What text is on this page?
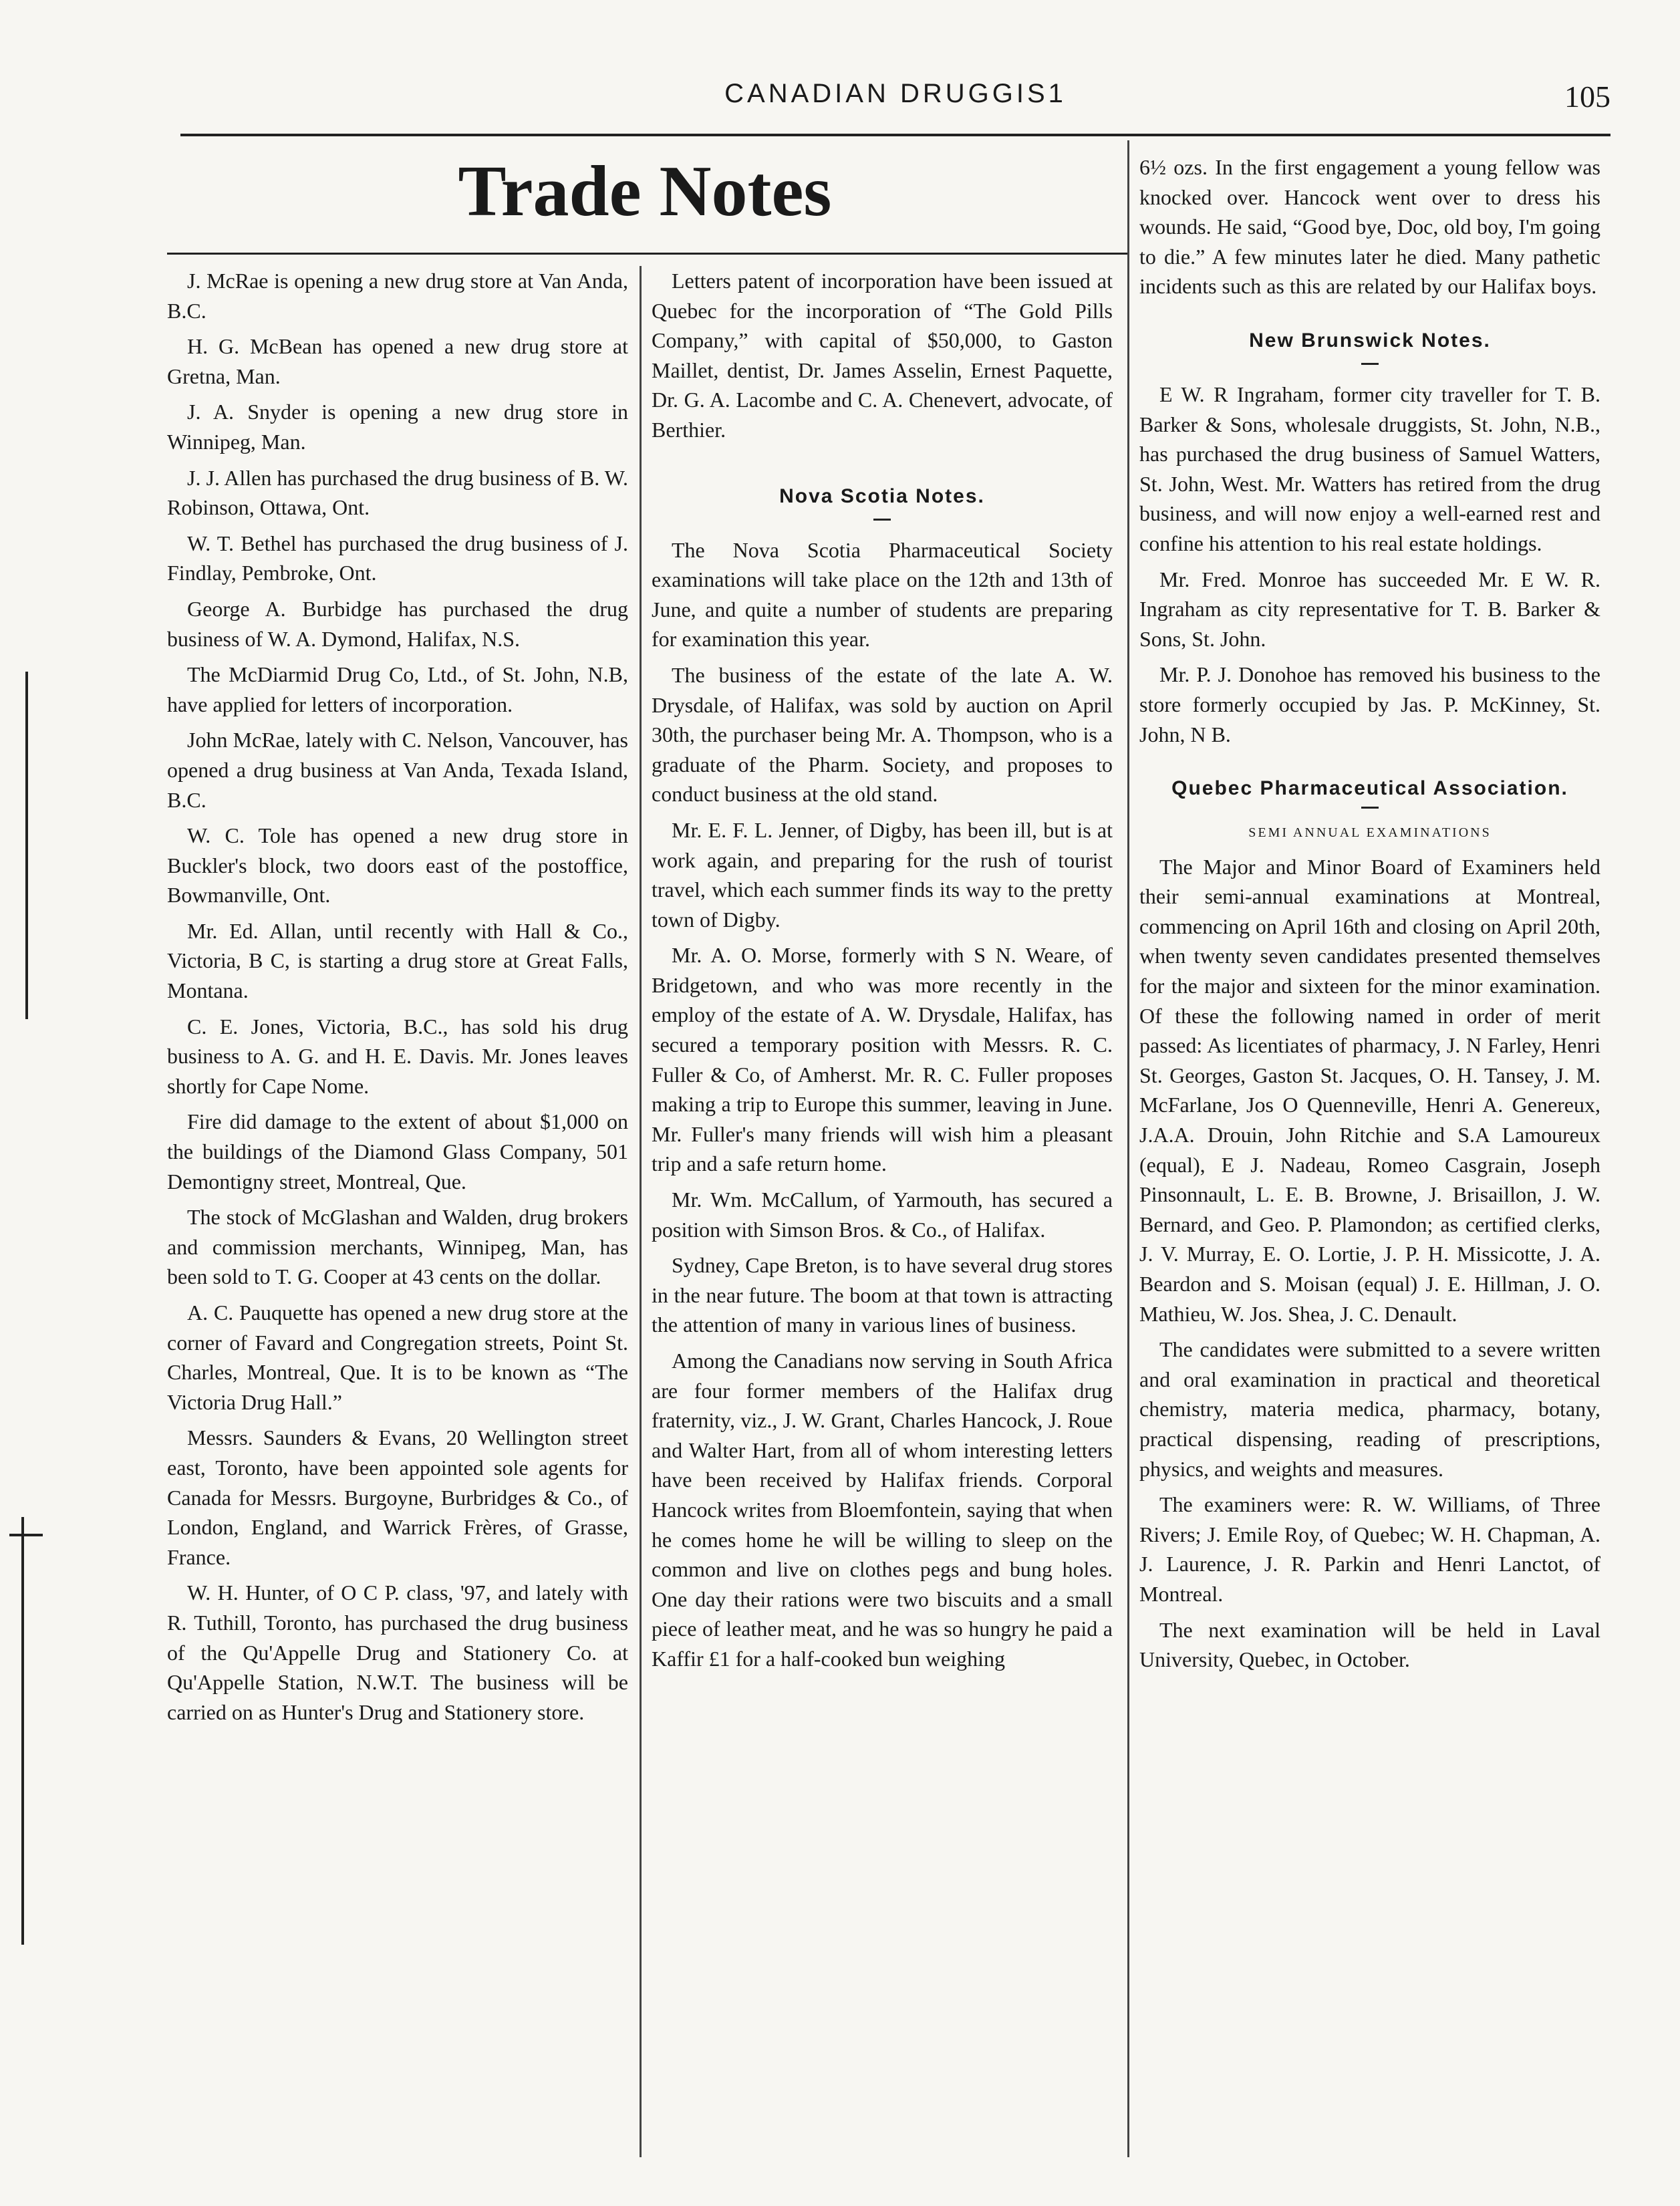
CANADIAN DRUGGIS1	105
Trade Notes

J. McRae is opening a new drug store at Van Anda, B.C.

H. G. McBean has opened a new drug store at Gretna, Man.

J. A. Snyder is opening a new drug store in Winnipeg, Man.

J. J. Allen has purchased the drug business of B. W. Robinson, Ottawa, Ont.

W. T. Bethel has purchased the drug business of J. Findlay, Pembroke, Ont.

George A. Burbidge has purchased the drug business of W. A. Dymond, Halifax, N.S.

The McDiarmid Drug Co, Ltd., of St. John, N.B, have applied for letters of incorporation.

John McRae, lately with C. Nelson, Vancouver, has opened a drug business at Van Anda, Texada Island, B.C.

W. C. Tole has opened a new drug store in Buckler's block, two doors east of the postoffice, Bowmanville, Ont.

Mr. Ed. Allan, until recently with Hall & Co., Victoria, B C, is starting a drug store at Great Falls, Montana.

C. E. Jones, Victoria, B.C., has sold his drug business to A. G. and H. E. Davis. Mr. Jones leaves shortly for Cape Nome.

Fire did damage to the extent of about $1,000 on the buildings of the Diamond Glass Company, 501 Demontigny street, Montreal, Que.

The stock of McGlashan and Walden, drug brokers and commission merchants, Winnipeg, Man, has been sold to T. G. Cooper at 43 cents on the dollar.

A. C. Pauquette has opened a new drug store at the corner of Favard and Congregation streets, Point St. Charles, Montreal, Que. It is to be known as “The Victoria Drug Hall.”

Messrs. Saunders & Evans, 20 Wellington street east, Toronto, have been appointed sole agents for Canada for Messrs. Burgoyne, Burbridges & Co., of London, England, and Warrick Frères, of Grasse, France.

W. H. Hunter, of O C P. class, '97, and lately with R. Tuthill, Toronto, has purchased the drug business of the Qu'Appelle Drug and Stationery Co. at Qu'Appelle Station, N.W.T. The business will be carried on as Hunter's Drug and Stationery store.

Letters patent of incorporation have been issued at Quebec for the incorporation of “The Gold Pills Company,” with capital of $50,000, to Gaston Maillet, dentist, Dr. James Asselin, Ernest Paquette, Dr. G. A. Lacombe and C. A. Chenevert, advocate, of Berthier.

Nova Scotia Notes.

The Nova Scotia Pharmaceutical Society examinations will take place on the 12th and 13th of June, and quite a number of students are preparing for examination this year.

The business of the estate of the late A. W. Drysdale, of Halifax, was sold by auction on April 30th, the purchaser being Mr. A. Thompson, who is a graduate of the Pharm. Society, and proposes to conduct business at the old stand.

Mr. E. F. L. Jenner, of Digby, has been ill, but is at work again, and preparing for the rush of tourist travel, which each summer finds its way to the pretty town of Digby.

Mr. A. O. Morse, formerly with S N. Weare, of Bridgetown, and who was more recently in the employ of the estate of A. W. Drysdale, Halifax, has secured a temporary position with Messrs. R. C. Fuller & Co, of Amherst. Mr. R. C. Fuller proposes making a trip to Europe this summer, leaving in June. Mr. Fuller's many friends will wish him a pleasant trip and a safe return home.

Mr. Wm. McCallum, of Yarmouth, has secured a position with Simson Bros. & Co., of Halifax.

Sydney, Cape Breton, is to have several drug stores in the near future. The boom at that town is attracting the attention of many in various lines of business.

Among the Canadians now serving in South Africa are four former members of the Halifax drug fraternity, viz., J. W. Grant, Charles Hancock, J. Roue and Walter Hart, from all of whom interesting letters have been received by Halifax friends. Corporal Hancock writes from Bloemfontein, saying that when he comes home he will be willing to sleep on the common and live on clothes pegs and bung holes. One day their rations were two biscuits and a small piece of leather meat, and he was so hungry he paid a Kaffir £1 for a half-cooked bun weighing

6½ ozs. In the first engagement a young fellow was knocked over. Hancock went over to dress his wounds. He said, “Good bye, Doc, old boy, I'm going to die.” A few minutes later he died. Many pathetic incidents such as this are related by our Halifax boys.

New Brunswick Notes.

E W. R Ingraham, former city traveller for T. B. Barker & Sons, wholesale druggists, St. John, N.B., has purchased the drug business of Samuel Watters, St. John, West. Mr. Watters has retired from the drug business, and will now enjoy a well-earned rest and confine his attention to his real estate holdings.

Mr. Fred. Monroe has succeeded Mr. E W. R. Ingraham as city representative for T. B. Barker & Sons, St. John.

Mr. P. J. Donohoe has removed his business to the store formerly occupied by Jas. P. McKinney, St. John, N B.

Quebec Pharmaceutical Association.
SEMI ANNUAL EXAMINATIONS

The Major and Minor Board of Examiners held their semi-annual examinations at Montreal, commencing on April 16th and closing on April 20th, when twenty seven candidates presented themselves for the major and sixteen for the minor examination. Of these the following named in order of merit passed: As licentiates of pharmacy, J. N Farley, Henri St. Georges, Gaston St. Jacques, O. H. Tansey, J. M. McFarlane, Jos O Quenneville, Henri A. Genereux, J.A.A. Drouin, John Ritchie and S.A Lamoureux (equal), E J. Nadeau, Romeo Casgrain, Joseph Pinsonnault, L. E. B. Browne, J. Brisaillon, J. W. Bernard, and Geo. P. Plamondon; as certified clerks, J. V. Murray, E. O. Lortie, J. P. H. Missicotte, J. A. Beardon and S. Moisan (equal) J. E. Hillman, J. O. Mathieu, W. Jos. Shea, J. C. Denault.

The candidates were submitted to a severe written and oral examination in practical and theoretical chemistry, materia medica, pharmacy, botany, practical dispensing, reading of prescriptions, physics, and weights and measures.

The examiners were: R. W. Williams, of Three Rivers; J. Emile Roy, of Quebec; W. H. Chapman, A. J. Laurence, J. R. Parkin and Henri Lanctot, of Montreal.

The next examination will be held in Laval University, Quebec, in October.
